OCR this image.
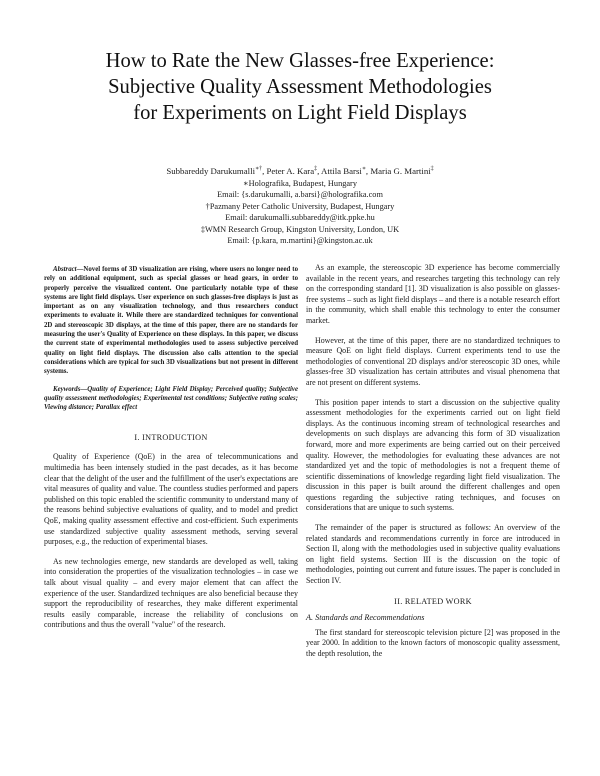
How to Rate the New Glasses-free Experience:
Subjective Quality Assessment Methodologies
for Experiments on Light Field Displays
Subbareddy Darukumalli∗†, Peter A. Kara‡, Attila Barsi∗, Maria G. Martini‡
∗Holografika, Budapest, Hungary
Email: {s.darukumalli, a.barsi}@holografika.com
†Pazmany Peter Catholic University, Budapest, Hungary
Email: darukumalli.subbareddy@itk.ppke.hu
‡WMN Research Group, Kingston University, London, UK
Email: {p.kara, m.martini}@kingston.ac.uk

Abstract—Novel forms of 3D visualization are rising, where users no longer need to rely on additional equipment, such as special glasses or head gears, in order to properly perceive the visualized content. One particularly notable type of these systems are light field displays. User experience on such glasses-free displays is just as important as on any visualization technology, and thus researchers conduct experiments to evaluate it. While there are standardized techniques for conventional 2D and stereoscopic 3D displays, at the time of this paper, there are no standards for measuring the user's Quality of Experience on these displays. In this paper, we discuss the current state of experimental methodologies used to assess subjective perceived quality on light field displays. The discussion also calls attention to the special considerations which are typical for such 3D visualizations but not present in different systems.

Keywords—Quality of Experience; Light Field Display; Perceived quality; Subjective quality assessment methodologies; Experimental test conditions; Subjective rating scales; Viewing distance; Parallax effect

I. INTRODUCTION

Quality of Experience (QoE) in the area of telecommunications and multimedia has been intensely studied in the past decades, as it has become clear that the delight of the user and the fulfillment of the user's expectations are vital measures of quality and value. The countless studies performed and papers published on this topic enabled the scientific community to understand many of the reasons behind subjective evaluations of quality, and to model and predict QoE, making quality assessment effective and cost-efficient. Such experiments use standardized subjective quality assessment methods, serving several purposes, e.g., the reduction of experimental biases.

As new technologies emerge, new standards are developed as well, taking into consideration the properties of the visualization technologies – in case we talk about visual quality – and every major element that can affect the experience of the user. Standardized techniques are also beneficial because they support the reproducibility of researches, they make different experimental results easily comparable, increase the reliability of conclusions on contributions and thus the overall "value" of the research.

As an example, the stereoscopic 3D experience has become commercially available in the recent years, and researches targeting this technology can rely on the corresponding standard [1]. 3D visualization is also possible on glasses-free systems – such as light field displays – and there is a notable research effort in the community, which shall enable this technology to enter the consumer market.

However, at the time of this paper, there are no standardized techniques to measure QoE on light field displays. Current experiments tend to use the methodologies of conventional 2D displays and/or stereoscopic 3D ones, while glasses-free 3D visualization has certain attributes and visual phenomena that are not present on different systems.

This position paper intends to start a discussion on the subjective quality assessment methodologies for the experiments carried out on light field displays. As the continuous incoming stream of technological researches and developments on such displays are advancing this form of 3D visualization forward, more and more experiments are being carried out on their perceived quality. However, the methodologies for evaluating these advances are not standardized yet and the topic of methodologies is not a frequent theme of scientific disseminations of knowledge regarding light field visualization. The discussion in this paper is built around the different challenges and open questions regarding the subjective rating techniques, and focuses on considerations that are unique to such systems.

The remainder of the paper is structured as follows: An overview of the related standards and recommendations currently in force are introduced in Section II, along with the methodologies used in subjective quality evaluations on light field systems. Section III is the discussion on the topic of methodologies, pointing out current and future issues. The paper is concluded in Section IV.

II. RELATED WORK

A. Standards and Recommendations

The first standard for stereoscopic television picture [2] was proposed in the year 2000. In addition to the known factors of monoscopic quality assessment, the depth resolution, the
